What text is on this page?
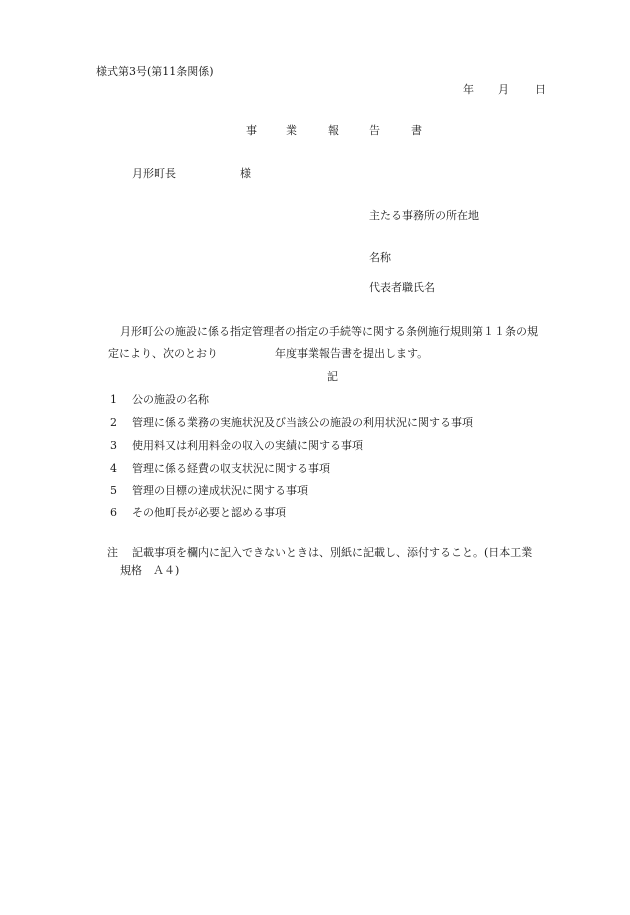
様式第3号(第11条関係)
年 月 日
事	業	報	告	書
月形町長	様
主たる事務所の所在地
名称
代表者職氏名
月形町公の施設に係る指定管理者の指定の手続等に関する条例施行規則第１１条の規
定により、次のとおり	年度事業報告書を提出します。
記
1 公の施設の名称
2 管理に係る業務の実施状況及び当該公の施設の利用状況に関する事項
3 使用料又は利用料金の収入の実績に関する事項
4 管理に係る経費の収支状況に関する事項
5 管理の目標の達成状況に関する事項
6 その他町長が必要と認める事項
注 記載事項を欄内に記入できないときは、別紙に記載し、添付すること。(日本工業
規格　Ａ４)
